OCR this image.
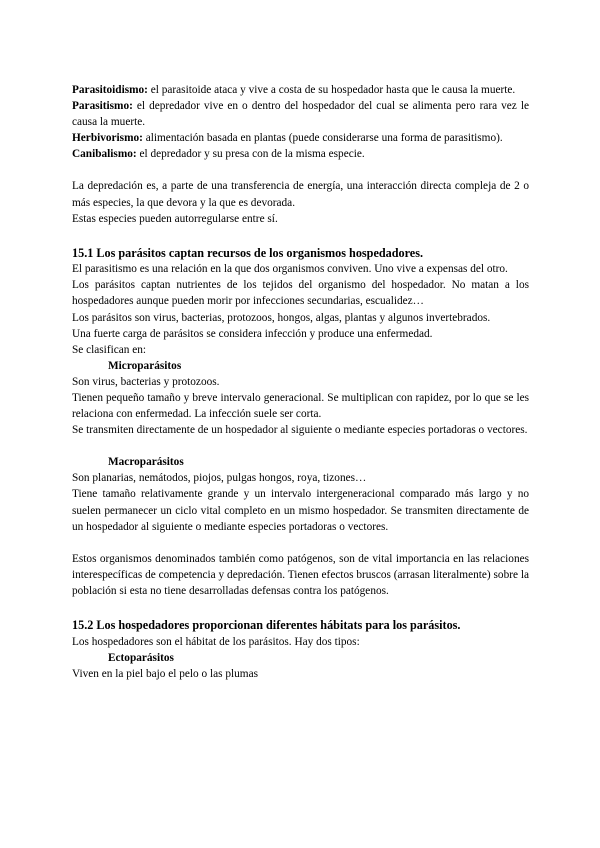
Parasitoidismo: el parasitoide ataca y vive a costa de su hospedador hasta que le causa la muerte.

Parasitismo: el depredador vive en o dentro del hospedador del cual se alimenta pero rara vez le causa la muerte.

Herbivorismo: alimentación basada en plantas (puede considerarse una forma de parasitismo).

Canibalismo: el depredador y su presa con de la misma especie.

La depredación es, a parte de una transferencia de energía, una interacción directa compleja de 2 o más especies, la que devora y la que es devorada.

Estas especies pueden autorregularse entre sí.

15.1 Los parásitos captan recursos de los organismos hospedadores.

El parasitismo es una relación en la que dos organismos conviven. Uno vive a expensas del otro.

Los parásitos captan nutrientes de los tejidos del organismo del hospedador. No matan a los hospedadores aunque pueden morir por infecciones secundarias, escualidez…

Los parásitos son virus, bacterias, protozoos, hongos, algas, plantas y algunos invertebrados.

Una fuerte carga de parásitos se considera infección y produce una enfermedad.

Se clasifican en:

Microparásitos

Son virus, bacterias y protozoos.

Tienen pequeño tamaño y breve intervalo generacional. Se multiplican con rapidez, por lo que se les relaciona con enfermedad. La infección suele ser corta.

Se transmiten directamente de un hospedador al siguiente o mediante especies portadoras o vectores.

Macroparásitos

Son planarias, nemátodos, piojos, pulgas hongos, roya, tizones…

Tiene tamaño relativamente grande y un intervalo intergeneracional comparado más largo y no suelen permanecer un ciclo vital completo en un mismo hospedador. Se transmiten directamente de un hospedador al siguiente o mediante especies portadoras o vectores.

Estos organismos denominados también como patógenos, son de vital importancia en las relaciones interespecíficas de competencia y depredación. Tienen efectos bruscos (arrasan literalmente) sobre la población si esta no tiene desarrolladas defensas contra los patógenos.

15.2 Los hospedadores proporcionan diferentes hábitats para los parásitos.

Los hospedadores son el hábitat de los parásitos. Hay dos tipos:

Ectoparásitos

Viven en la piel bajo el pelo o las plumas
